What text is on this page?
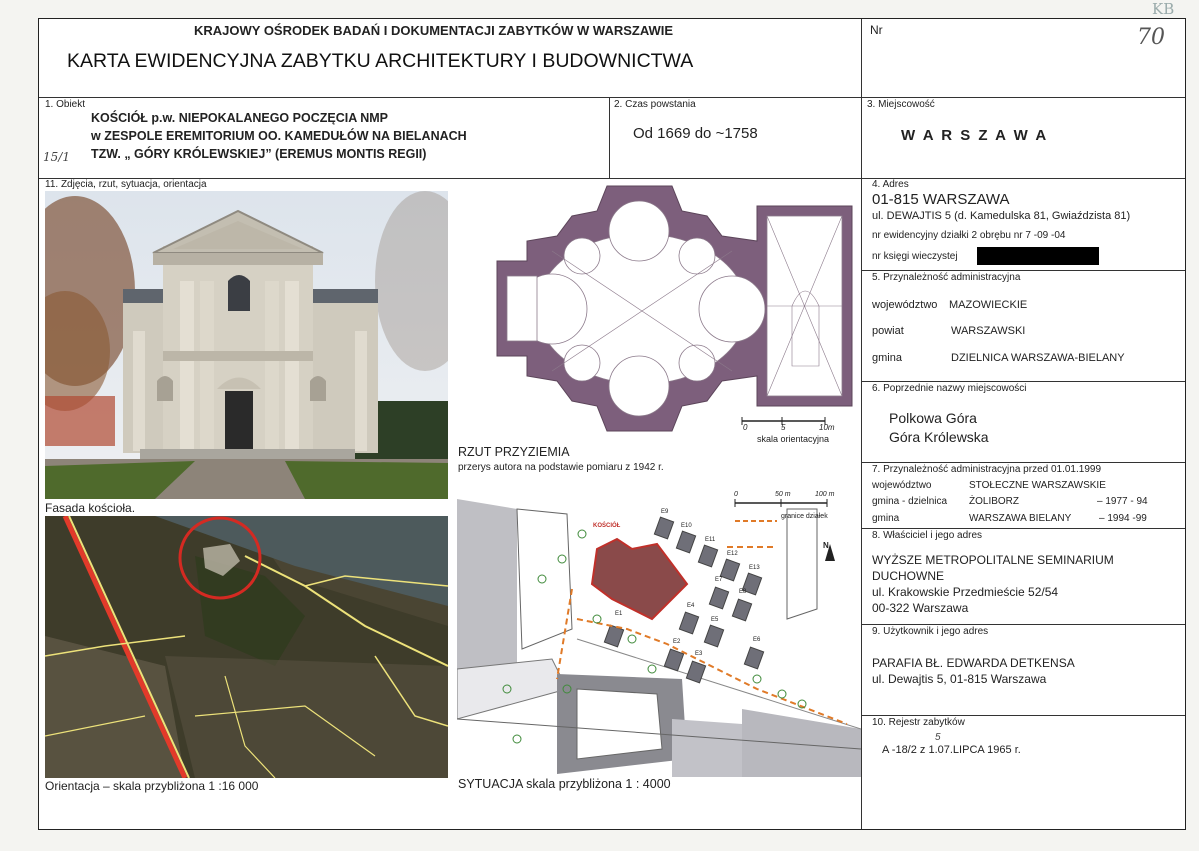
KB
KRAJOWY OŚRODEK BADAŃ I DOKUMENTACJI ZABYTKÓW W WARSZAWIE
KARTA EWIDENCYJNA ZABYTKU ARCHITEKTURY I BUDOWNICTWA
Nr	70
1. Obiekt
KOŚCIÓŁ p.w. NIEPOKALANEGO POCZĘCIA NMP
w ZESPOLE EREMITORIUM OO. KAMEDUŁÓW NA BIELANACH
TZW. „ GÓRY KRÓLEWSKIEJ” (EREMUS MONTIS REGII)
15/1
2. Czas powstania
Od 1669 do ~1758
3. Miejscowość
W A R S Z A W A
4. Adres
01-815 WARSZAWA
ul. DEWAJTIS 5 (d. Kamedulska 81, Gwiaździsta 81)
nr ewidencyjny działki 2 obrębu nr 7 -09 -04
nr księgi wieczystej
5. Przynależność administracyjna
województwo MAZOWIECKIE
powiat	WARSZAWSKI
gmina	DZIELNICA WARSZAWA-BIELANY
6. Poprzednie nazwy miejscowości
Polkowa Góra
Góra Królewska
7. Przynależność administracyjna przed 01.01.1999
województwo	STOŁECZNE WARSZAWSKIE
gmina - dzielnica ŻOLIBORZ	– 1977 - 94
gmina	WARSZAWA BIELANY	– 1994 -99
8. Właściciel i jego adres
WYŻSZE METROPOLITALNE SEMINARIUM
DUCHOWNE
ul. Krakowskie Przedmieście 52/54
00-322 Warszawa
9. Użytkownik i jego adres
PARAFIA BŁ. EDWARDA DETKENSA
ul. Dewajtis 5, 01-815 Warszawa
10. Rejestr zabytków
A -18/2 z 1.07.LIPCA 1965 r.
5
11. Zdjęcia, rzut, sytuacja, orientacja
Fasada kościoła.
Orientacja – skala przybliżona 1 :16 000
0	5	10m
skala orientacyjna
RZUT PRZYZIEMIA
przerys autora na podstawie pomiaru z 1942 r.
0	50 m	100 m
granice działek
KOŚCIÓŁ
N
E9
E10
E11
E12
E13
E7
E8
E4
E5
E1
E2
E3
E6
SYTUACJA skala przybliżona 1 : 4000
